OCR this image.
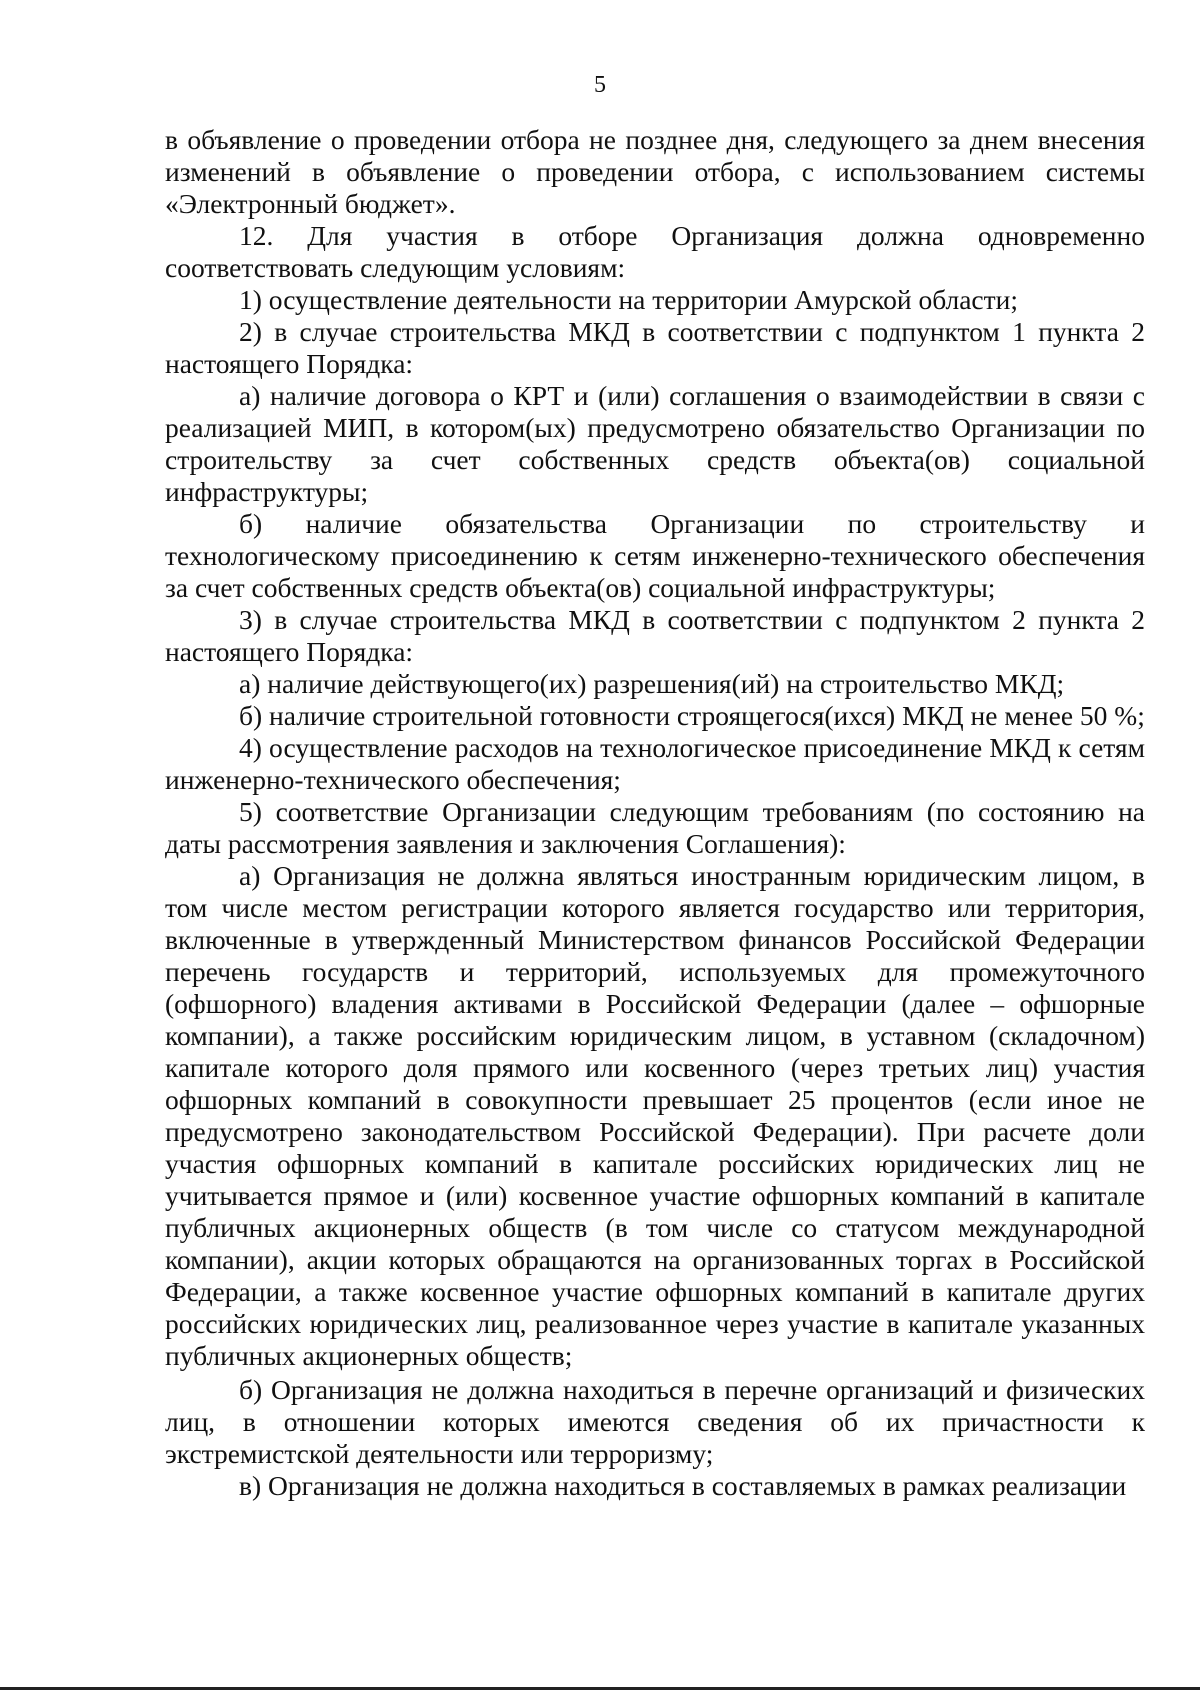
5

в объявление о проведении отбора не позднее дня, следующего за днем внесения изменений в объявление о проведении отбора, с использованием системы «Электронный бюджет».

12. Для участия в отборе Организация должна одновременно соответствовать следующим условиям:

1) осуществление деятельности на территории Амурской области;

2) в случае строительства МКД в соответствии с подпунктом 1 пункта 2 настоящего Порядка:

а) наличие договора о КРТ и (или) соглашения о взаимодействии в связи с реализацией МИП, в котором(ых) предусмотрено обязательство Организации по строительству за счет собственных средств объекта(ов) социальной инфраструктуры;

б) наличие обязательства Организации по строительству и технологическому присоединению к сетям инженерно-технического обеспечения за счет собственных средств объекта(ов) социальной инфраструктуры;

3) в случае строительства МКД в соответствии с подпунктом 2 пункта 2 настоящего Порядка:

а) наличие действующего(их) разрешения(ий) на строительство МКД;

б) наличие строительной готовности строящегося(ихся) МКД не менее 50 %;

4) осуществление расходов на технологическое присоединение МКД к сетям инженерно-технического обеспечения;

5) соответствие Организации следующим требованиям (по состоянию на даты рассмотрения заявления и заключения Соглашения):

а) Организация не должна являться иностранным юридическим лицом, в том числе местом регистрации которого является государство или территория, включенные в утвержденный Министерством финансов Российской Федерации перечень государств и территорий, используемых для промежуточного (офшорного) владения активами в Российской Федерации (далее – офшорные компании), а также российским юридическим лицом, в уставном (складочном) капитале которого доля прямого или косвенного (через третьих лиц) участия офшорных компаний в совокупности превышает 25 процентов (если иное не предусмотрено законодательством Российской Федерации). При расчете доли участия офшорных компаний в капитале российских юридических лиц не учитывается прямое и (или) косвенное участие офшорных компаний в капитале публичных акционерных обществ (в том числе со статусом международной компании), акции которых обращаются на организованных торгах в Российской Федерации, а также косвенное участие офшорных компаний в капитале других российских юридических лиц, реализованное через участие в капитале указанных публичных акционерных обществ;

б) Организация не должна находиться в перечне организаций и физических лиц, в отношении которых имеются сведения об их причастности к экстремистской деятельности или терроризму;

в) Организация не должна находиться в составляемых в рамках реализации
